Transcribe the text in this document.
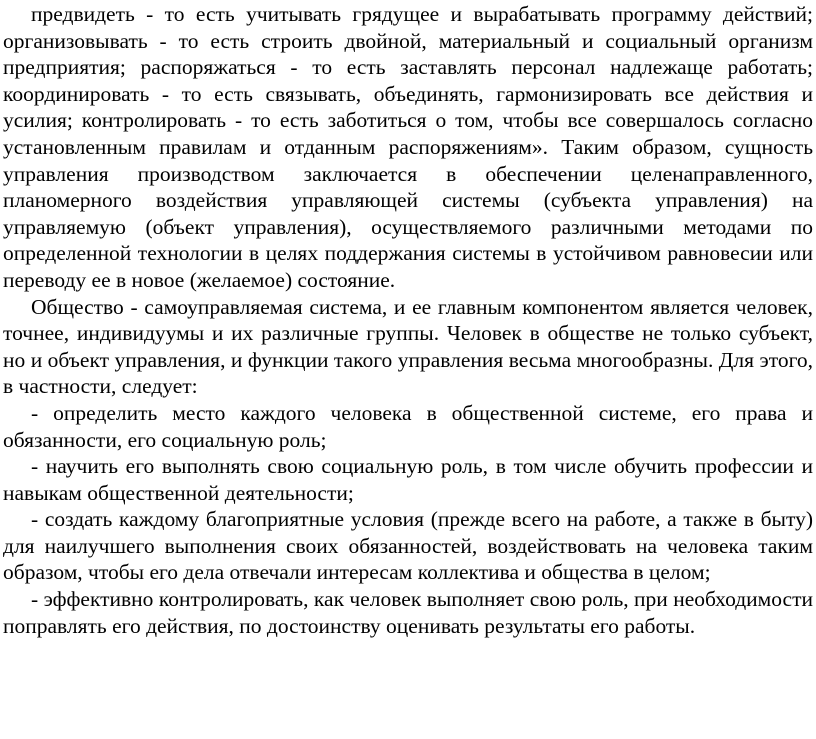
предвидеть - то есть учитывать грядущее и вырабатывать программу действий; организовывать - то есть строить двойной, материальный и социальный организм предприятия; распоряжаться - то есть заставлять персонал надлежаще работать; координировать - то есть связывать, объединять, гармонизировать все действия и усилия; контролировать - то есть заботиться о том, чтобы все совершалось согласно установленным правилам и отданным распоряжениям». Таким образом, сущность управления производством заключается в обеспечении целенаправленного, планомерного воздействия управляющей системы (субъекта управления) на управляемую (объект управления), осуществляемого различными методами по определенной технологии в целях поддержания системы в устойчивом равновесии или переводу ее в новое (желаемое) состояние.

Общество - самоуправляемая система, и ее главным компонентом является человек, точнее, индивидуумы и их различные группы. Человек в обществе не только субъект, но и объект управления, и функции такого управления весьма многообразны. Для этого, в частности, следует:

- определить место каждого человека в общественной системе, его права и обязанности, его социальную роль;

- научить его выполнять свою социальную роль, в том числе обучить профессии и навыкам общественной деятельности;

- создать каждому благоприятные условия (прежде всего на работе, а также в быту) для наилучшего выполнения своих обязанностей, воздействовать на человека таким образом, чтобы его дела отвечали интересам коллектива и общества в целом;

- эффективно контролировать, как человек выполняет свою роль, при необходимости поправлять его действия, по достоинству оценивать результаты его работы.
